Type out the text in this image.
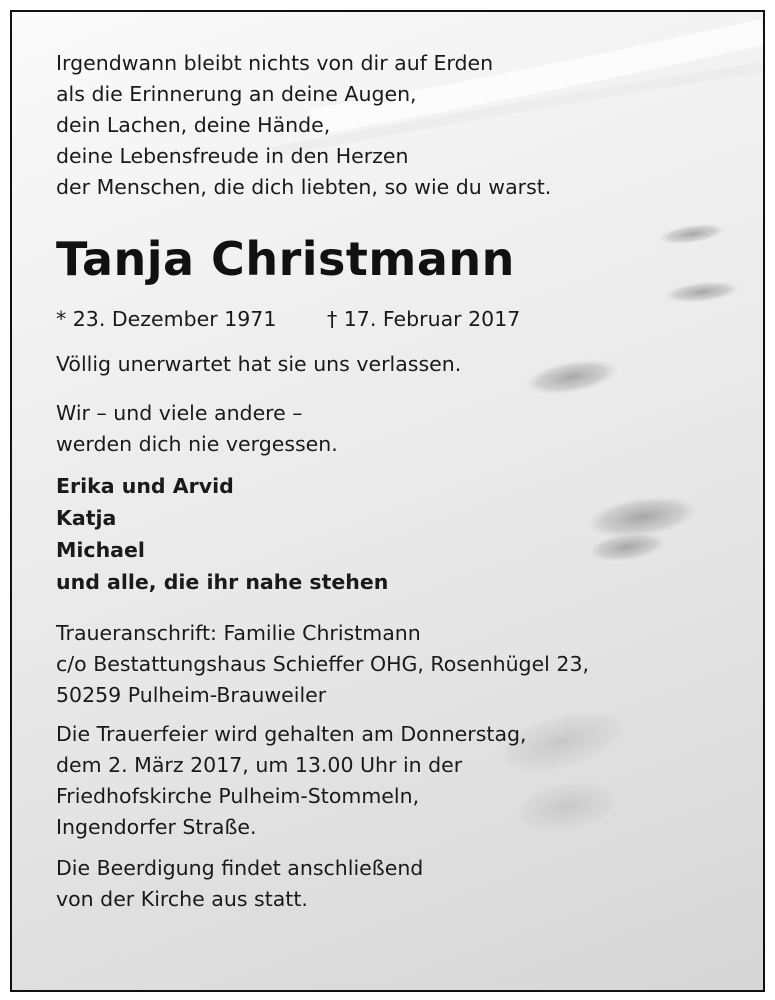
Irgendwann bleibt nichts von dir auf Erden

als die Erinnerung an deine Augen,

dein Lachen, deine Hände,

deine Lebensfreude in den Herzen

der Menschen, die dich liebten, so wie du warst.

Tanja Christmann
* 23. Dezember 1971	† 17. Februar 2017

Völlig unerwartet hat sie uns verlassen.

Wir – und viele andere –

werden dich nie vergessen.

Erika und Arvid

Katja

Michael

und alle, die ihr nahe stehen

Traueranschrift: Familie Christmann

c/o Bestattungshaus Schieffer OHG, Rosenhügel 23,

50259 Pulheim-Brauweiler

Die Trauerfeier wird gehalten am Donnerstag,

dem 2. März 2017, um 13.00 Uhr in der

Friedhofskirche Pulheim-Stommeln,

Ingendorfer Straße.

Die Beerdigung findet anschließend

von der Kirche aus statt.
